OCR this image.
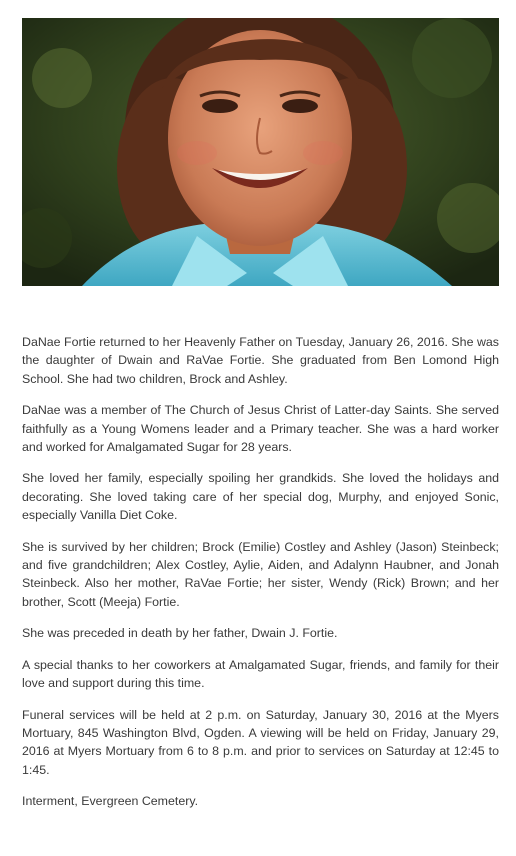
DaNae Fortie returned to her Heavenly Father on Tuesday, January 26, 2016. She was the daughter of Dwain and RaVae Fortie. She graduated from Ben Lomond High School. She had two children, Brock and Ashley.

DaNae was a member of The Church of Jesus Christ of Latter-day Saints. She served faithfully as a Young Womens leader and a Primary teacher. She was a hard worker and worked for Amalgamated Sugar for 28 years.

She loved her family, especially spoiling her grandkids. She loved the holidays and decorating. She loved taking care of her special dog, Murphy, and enjoyed Sonic, especially Vanilla Diet Coke.

She is survived by her children; Brock (Emilie) Costley and Ashley (Jason) Steinbeck; and five grandchildren; Alex Costley, Aylie, Aiden, and Adalynn Haubner, and Jonah Steinbeck. Also her mother, RaVae Fortie; her sister, Wendy (Rick) Brown; and her brother, Scott (Meeja) Fortie.

She was preceded in death by her father, Dwain J. Fortie.

A special thanks to her coworkers at Amalgamated Sugar, friends, and family for their love and support during this time.

Funeral services will be held at 2 p.m. on Saturday, January 30, 2016 at the Myers Mortuary, 845 Washington Blvd, Ogden. A viewing will be held on Friday, January 29, 2016 at Myers Mortuary from 6 to 8 p.m. and prior to services on Saturday at 12:45 to 1:45.

Interment, Evergreen Cemetery.
